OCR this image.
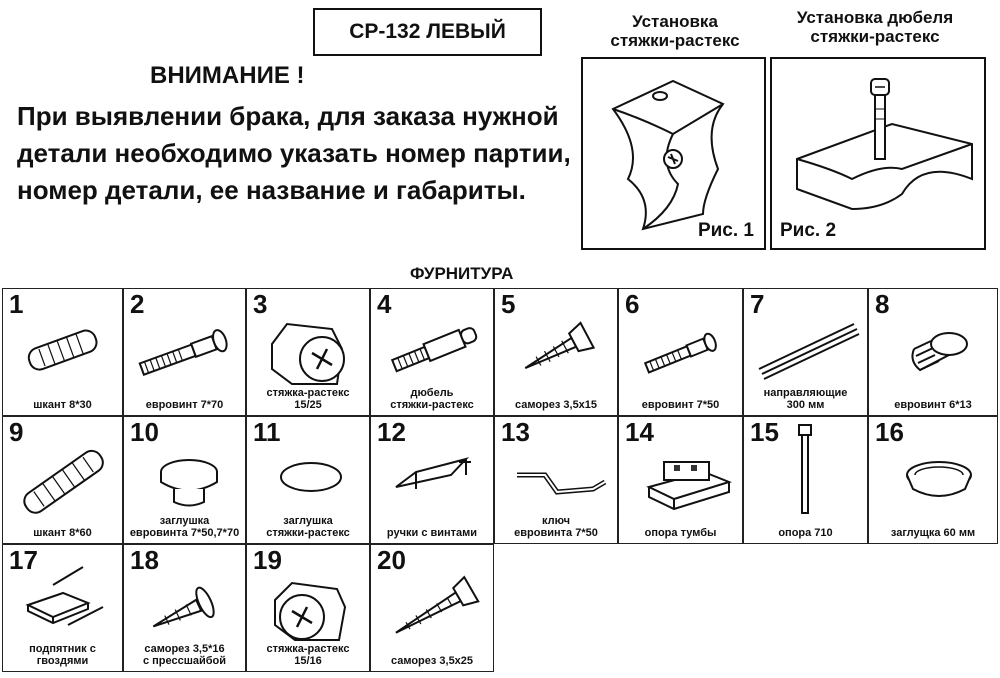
СР-132 ЛЕВЫЙ
ВНИМАНИЕ !
При выявлении брака, для заказа нужной детали необходимо указать номер партии, номер детали, ее название и габариты.
Установка
стяжки-растекс
Рис. 1
Установка дюбеля
стяжки-растекс
Рис. 2
ФУРНИТУРА
1
шкант 8*30
2
евровинт 7*70
3
стяжка-растекс
15/25
4
дюбель
стяжки-растекс
5
саморез 3,5х15
6
евровинт 7*50
7
направляющие
300 мм
8
евровинт 6*13
9
шкант 8*60
10
заглушка
евровинта 7*50,7*70
11
заглушка
стяжки-растекс
12
ручки с винтами
13
ключ
евровинта 7*50
14
опора тумбы
15
опора 710
16
заглущка 60 мм
17
подпятник с
гвоздями
18
саморез 3,5*16
с прессшайбой
19
стяжка-растекс
15/16
20
саморез 3,5х25
